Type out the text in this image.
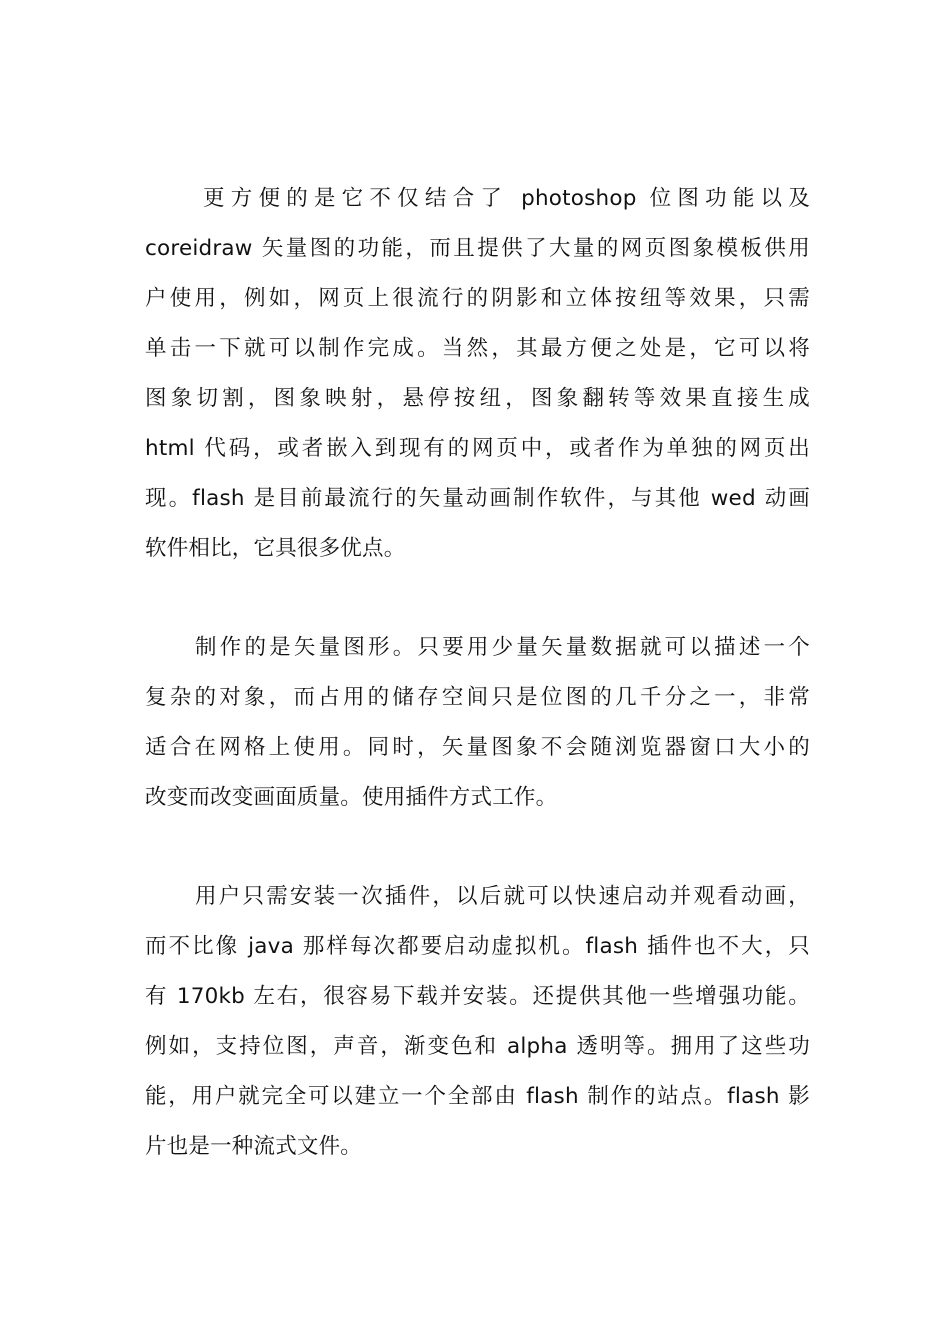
更方便的是它不仅结合了 photoshop 位图功能以及
coreidraw 矢量图的功能，而且提供了大量的网页图象模板供用
户使用，例如，网页上很流行的阴影和立体按纽等效果，只需
单击一下就可以制作完成。当然，其最方便之处是，它可以将
图象切割，图象映射，悬停按纽，图象翻转等效果直接生成
html 代码，或者嵌入到现有的网页中，或者作为单独的网页出
现。flash 是目前最流行的矢量动画制作软件，与其他 wed 动画
软件相比，它具很多优点。
制作的是矢量图形。只要用少量矢量数据就可以描述一个
复杂的对象，而占用的储存空间只是位图的几千分之一，非常
适合在网格上使用。同时，矢量图象不会随浏览器窗口大小的
改变而改变画面质量。使用插件方式工作。
用户只需安装一次插件，以后就可以快速启动并观看动画，
而不比像 java 那样每次都要启动虚拟机。flash 插件也不大，只
有 170kb 左右，很容易下载并安装。还提供其他一些增强功能。
例如，支持位图，声音，渐变色和 alpha 透明等。拥用了这些功
能，用户就完全可以建立一个全部由 flash 制作的站点。flash 影
片也是一种流式文件。
